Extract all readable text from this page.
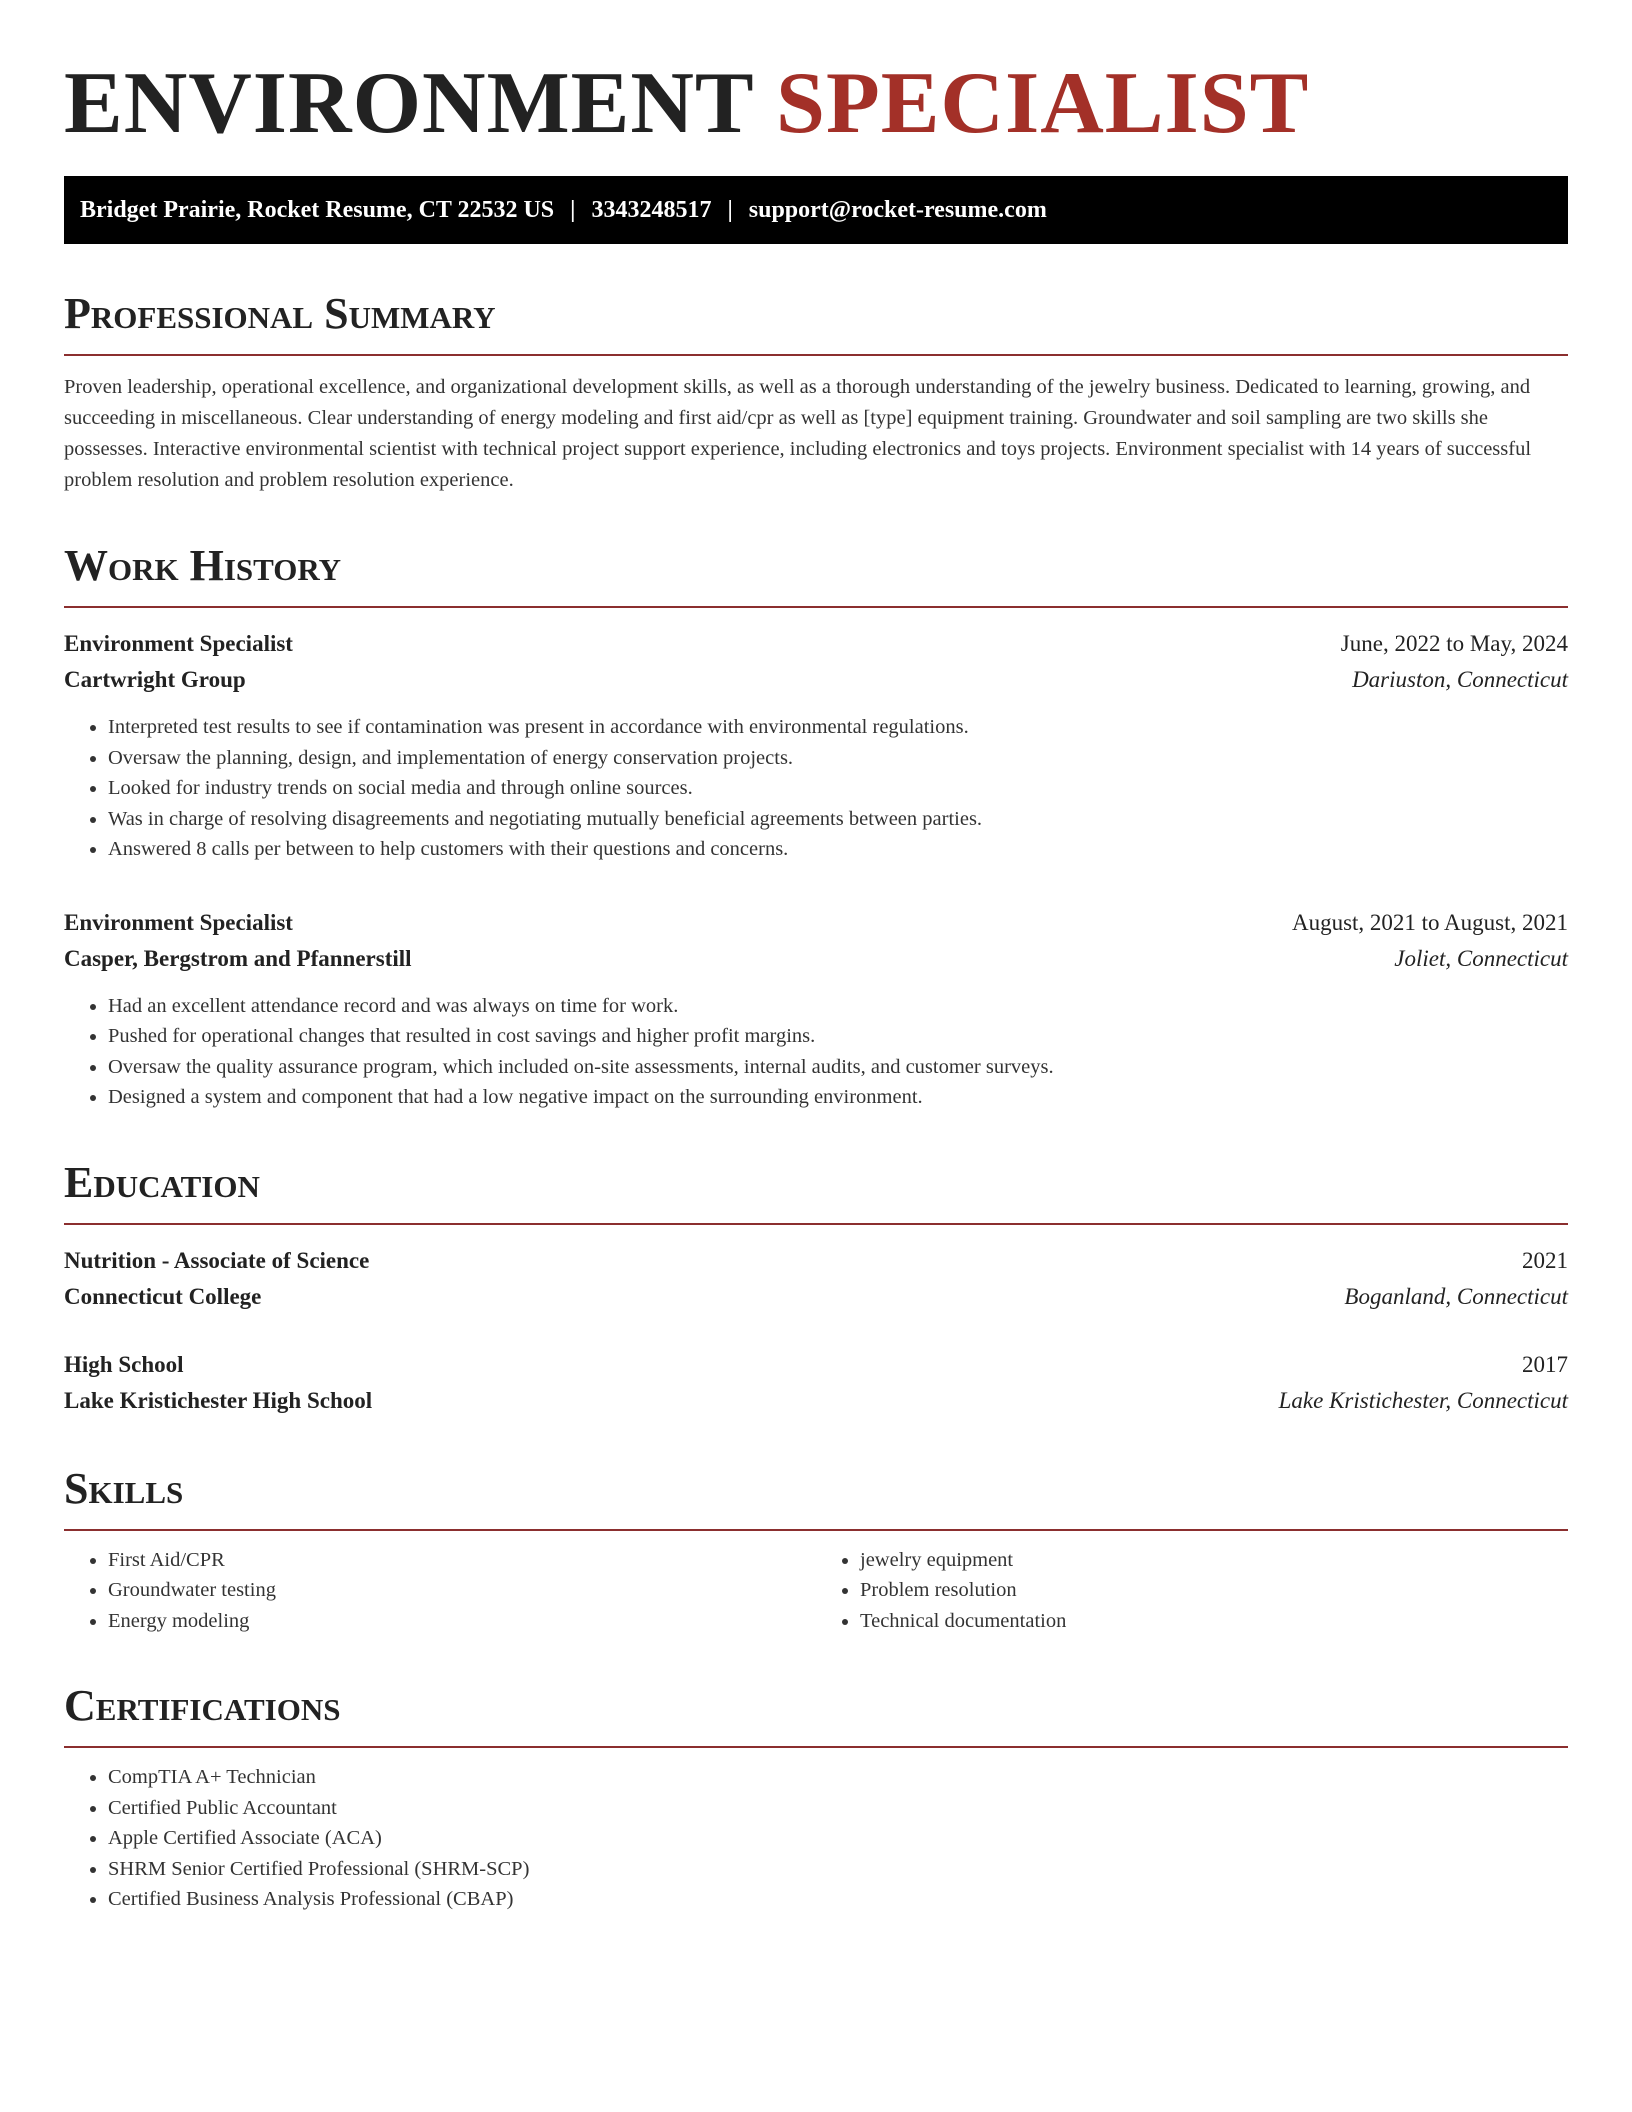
ENVIRONMENT SPECIALIST
Bridget Prairie, Rocket Resume, CT 22532 US | 3343248517 | support@rocket-resume.com
Professional Summary

Proven leadership, operational excellence, and organizational development skills, as well as a thorough understanding of the jewelry business. Dedicated to learning, growing, and succeeding in miscellaneous. Clear understanding of energy modeling and first aid/cpr as well as [type] equipment training. Groundwater and soil sampling are two skills she possesses. Interactive environmental scientist with technical project support experience, including electronics and toys projects. Environment specialist with 14 years of successful problem resolution and problem resolution experience.

Work History
Environment Specialist	June, 2022 to May, 2024
Cartwright Group	Dariuston, Connecticut
• Interpreted test results to see if contamination was present in accordance with environmental regulations.
• Oversaw the planning, design, and implementation of energy conservation projects.
• Looked for industry trends on social media and through online sources.
• Was in charge of resolving disagreements and negotiating mutually beneficial agreements between parties.
• Answered 8 calls per between to help customers with their questions and concerns.
Environment Specialist	August, 2021 to August, 2021
Casper, Bergstrom and Pfannerstill	Joliet, Connecticut
• Had an excellent attendance record and was always on time for work.
• Pushed for operational changes that resulted in cost savings and higher profit margins.
• Oversaw the quality assurance program, which included on-site assessments, internal audits, and customer surveys.
• Designed a system and component that had a low negative impact on the surrounding environment.
Education
Nutrition - Associate of Science	2021
Connecticut College	Boganland, Connecticut
High School	2017
Lake Kristichester High School	Lake Kristichester, Connecticut
Skills
• First Aid/CPR
• Groundwater testing
• Energy modeling
• jewelry equipment
• Problem resolution
• Technical documentation
Certifications
• CompTIA A+ Technician
• Certified Public Accountant
• Apple Certified Associate (ACA)
• SHRM Senior Certified Professional (SHRM-SCP)
• Certified Business Analysis Professional (CBAP)
